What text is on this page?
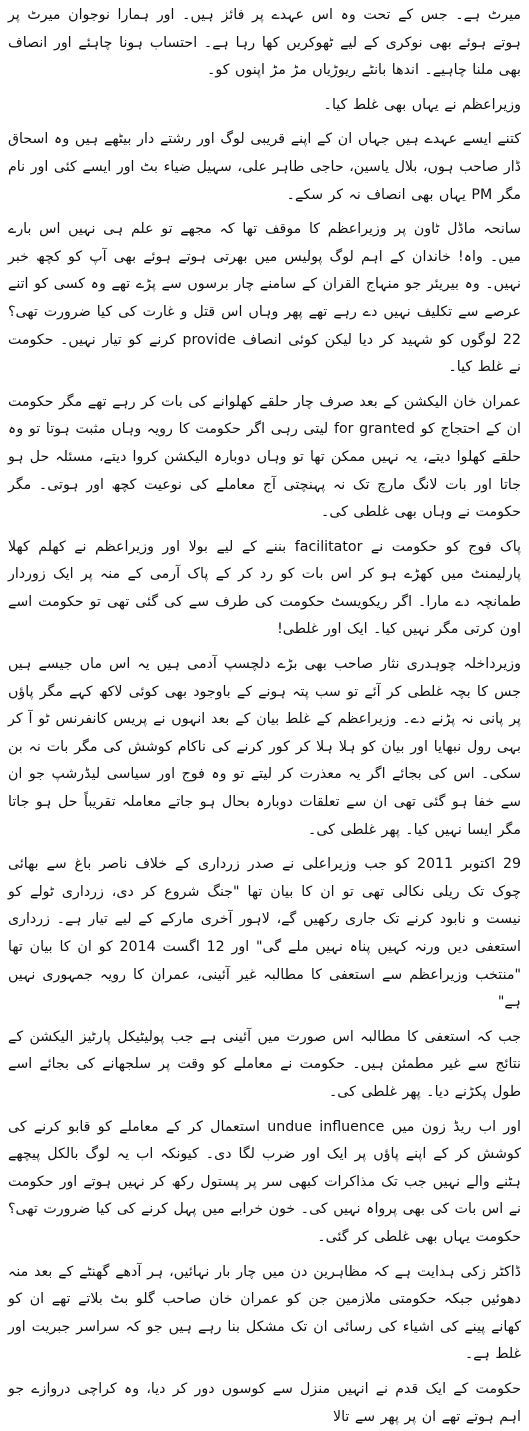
میرٹ ہے۔ جس کے تحت وہ اس عہدے پر فائز ہیں۔ اور ہمارا نوجوان میرٹ پر ہوتے ہوئے بھی نوکری کے لیے ٹھوکریں کھا رہا ہے۔ احتساب ہونا چاہئے اور انصاف بھی ملنا چاہیے۔ اندھا بانٹے ریوڑیاں مڑ مڑ اپنوں کو۔

وزیراعظم نے یہاں بھی غلط کیا۔

کتنے ایسے عہدے ہیں جہاں ان کے اپنے قریبی لوگ اور رشتے دار بیٹھے ہیں وہ اسحاق ڈار صاحب ہوں، بلال یاسین، حاجی طاہر علی، سہیل ضیاء بٹ اور ایسے کئی اور نام مگر PM یہاں بھی انصاف نہ کر سکے۔

سانحہ ماڈل ٹاون پر وزیراعظم کا موقف تھا کہ مجھے تو علم ہی نہیں اس بارے میں۔ واہ! خاندان کے اہم لوگ پولیس میں بھرتی ہوتے ہوئے بھی آپ کو کچھ خبر نہیں۔ وہ بیریئر جو منہاج القران کے سامنے چار برسوں سے پڑے تھے وہ کسی کو اتنے عرصے سے تکلیف نہیں دے رہے تھے پھر وہاں اس قتل و غارت کی کیا ضرورت تھی؟ 22 لوگوں کو شہید کر دیا لیکن کوئی انصاف provide کرنے کو تیار نہیں۔ حکومت نے غلط کیا۔

عمران خان الیکشن کے بعد صرف چار حلقے کھلوانے کی بات کر رہے تھے مگر حکومت ان کے احتجاج کو for granted لیتی رہی اگر حکومت کا رویہ وہاں مثبت ہوتا تو وہ حلقے کھلوا دیتے، یہ نہیں ممکن تھا تو وہاں دوبارہ الیکشن کروا دیتے، مسئلہ حل ہو جاتا اور بات لانگ مارچ تک نہ پہنچتی آج معاملے کی نوعیت کچھ اور ہوتی۔ مگر حکومت نے وہاں بھی غلطی کی۔

پاک فوج کو حکومت نے facilitator بننے کے لیے بولا اور وزیراعظم نے کھلم کھلا پارلیمنٹ میں کھڑے ہو کر اس بات کو رد کر کے پاک آرمی کے منہ پر ایک زوردار طمانچہ دے مارا۔ اگر ریکویسٹ حکومت کی طرف سے کی گئی تھی تو حکومت اسے اون کرتی مگر نہیں کیا۔ ایک اور غلطی!

وزیرداخلہ چوہدری نثار صاحب بھی بڑے دلچسپ آدمی ہیں یہ اس ماں جیسے ہیں جس کا بچہ غلطی کر آئے تو سب پتہ ہونے کے باوجود بھی کوئی لاکھ کہے مگر پاؤں پر پانی نہ پڑنے دے۔ وزیراعظم کے غلط بیان کے بعد انہوں نے پریس کانفرنس ٹو آ کر بہی رول نبھایا اور بیان کو ہلا ہلا کر کور کرنے کی ناکام کوشش کی مگر بات نہ بن سکی۔ اس کی بجائے اگر یہ معذرت کر لیتے تو وہ فوج اور سیاسی لیڈرشپ جو ان سے خفا ہو گئی تھی ان سے تعلقات دوبارہ بحال ہو جاتے معاملہ تقریباً حل ہو جاتا مگر ایسا نہیں کیا۔ پھر غلطی کی۔

29 اکتوبر 2011 کو جب وزیراعلی نے صدر زرداری کے خلاف ناصر باغ سے بھائی چوک تک ریلی نکالی تھی تو ان کا بیان تھا "جنگ شروع کر دی، زرداری ٹولے کو نیست و نابود کرنے تک جاری رکھیں گے، لاہور آخری مارکے کے لیے تیار ہے۔ زرداری استعفی دیں ورنہ کہیں پناہ نہیں ملے گی" اور 12 اگست 2014 کو ان کا بیان تھا "منتخب وزیراعظم سے استعفی کا مطالبہ غیر آئینی، عمران کا رویہ جمہوری نہیں ہے"

جب کہ استعفی کا مطالبہ اس صورت میں آئینی ہے جب پولیٹیکل پارٹیز الیکشن کے نتائج سے غیر مطمئن ہیں۔ حکومت نے معاملے کو وقت پر سلجھانے کی بجائے اسے طول پکڑنے دیا۔ پھر غلطی کی۔

اور اب ریڈ زون میں undue influence استعمال کر کے معاملے کو قابو کرنے کی کوشش کر کے اپنے پاؤں پر ایک اور ضرب لگا دی۔ کیونکہ اب یہ لوگ بالکل پیچھے ہٹنے والے نہیں جب تک مذاکرات کبھی سر پر پستول رکھ کر نہیں ہوتے اور حکومت نے اس بات کی بھی پرواہ نہیں کی۔ خون خرابے میں پہل کرنے کی کیا ضرورت تھی؟ حکومت یہاں بھی غلطی کر گئی۔

ڈاکٹر زکی ہدایت ہے کہ مظاہرین دن میں چار بار نہائیں، ہر آدھے گھنٹے کے بعد منہ دھوئیں جبکہ حکومتی ملازمین جن کو عمران خان صاحب گلو بٹ بلاتے تھے ان کو کھانے پینے کی اشیاء کی رسائی ان تک مشکل بنا رہے ہیں جو کہ سراسر جبریت اور غلط ہے۔

حکومت کے ایک قدم نے انہیں منزل سے کوسوں دور کر دیا، وہ کراچی دروازے جو اہم ہوتے تھے ان پر پھر سے تالا
